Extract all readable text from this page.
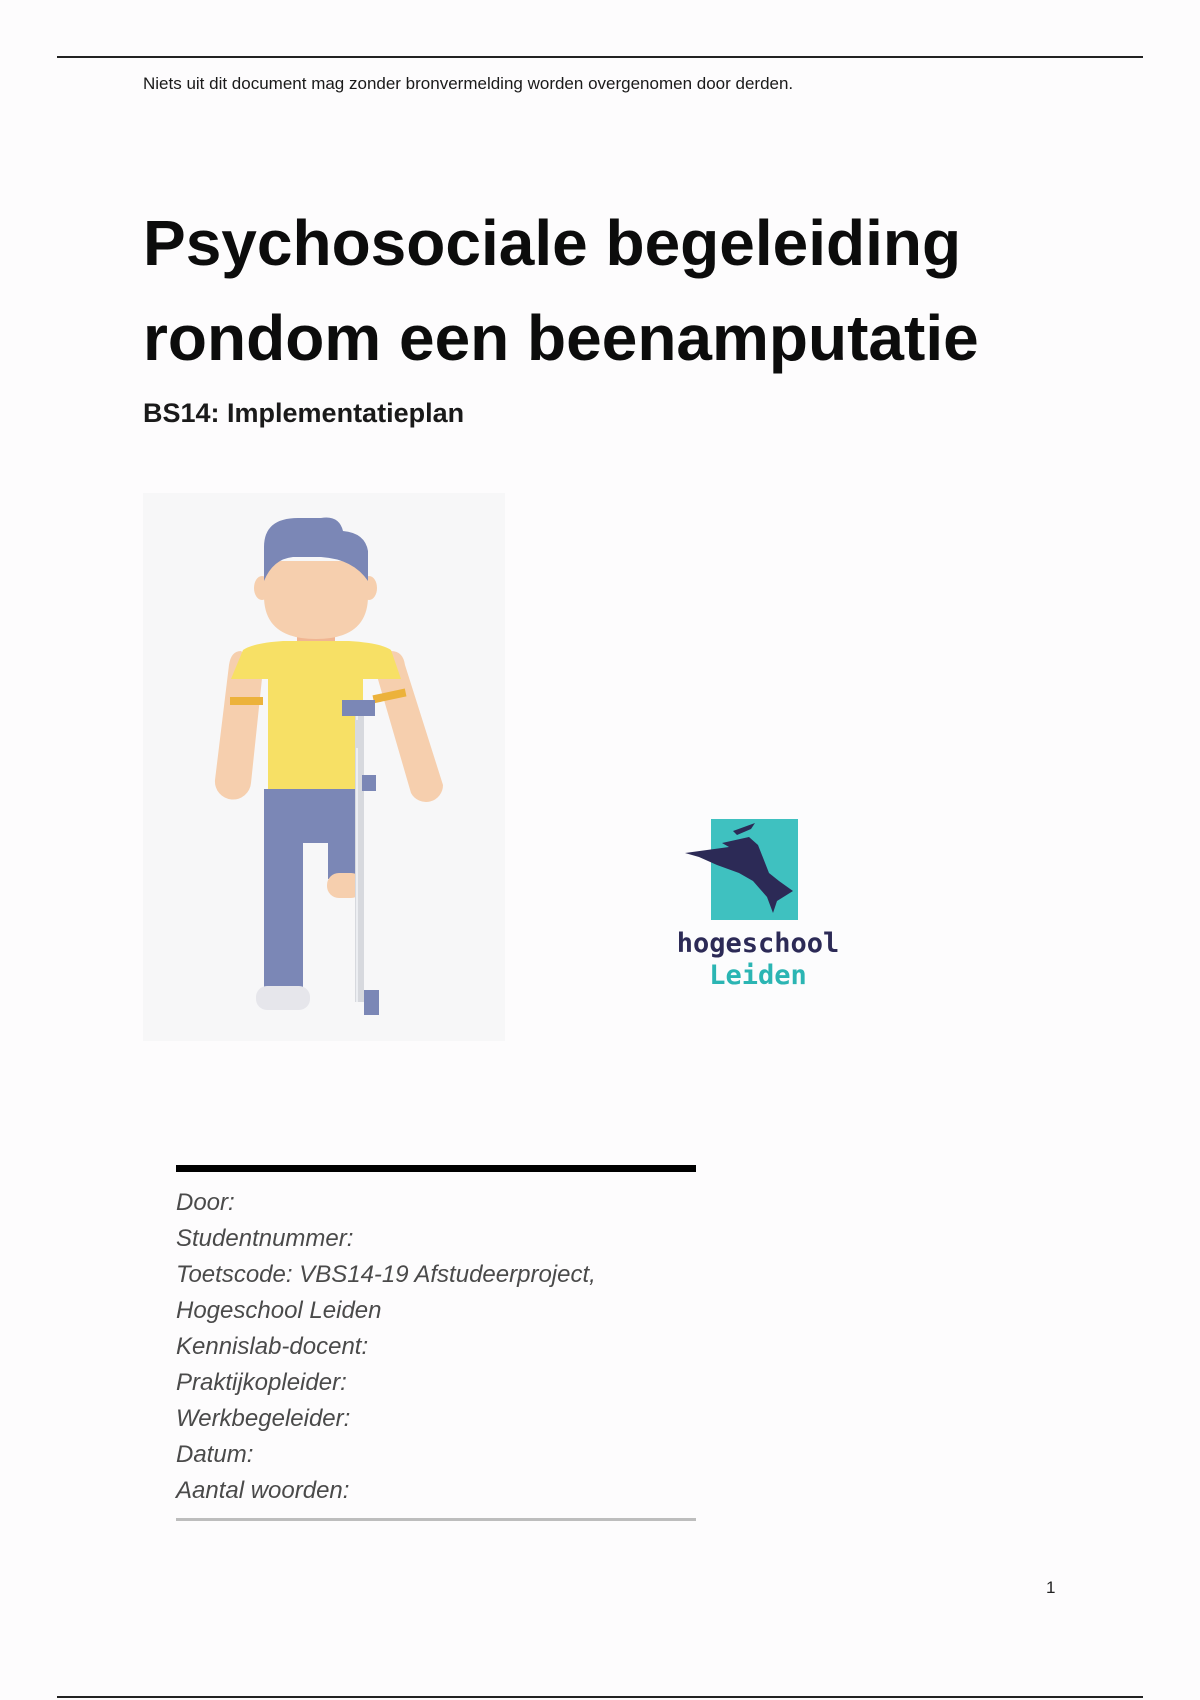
Niets uit dit document mag zonder bronvermelding worden overgenomen door derden.
Psychosociale begeleiding
rondom een beenamputatie
BS14: Implementatieplan
hogeschool
Leiden
Door:
Studentnummer:
Toetscode: VBS14-19 Afstudeerproject,
Hogeschool Leiden
Kennislab-docent:
Praktijkopleider:
Werkbegeleider:
Datum:
Aantal woorden:
1
